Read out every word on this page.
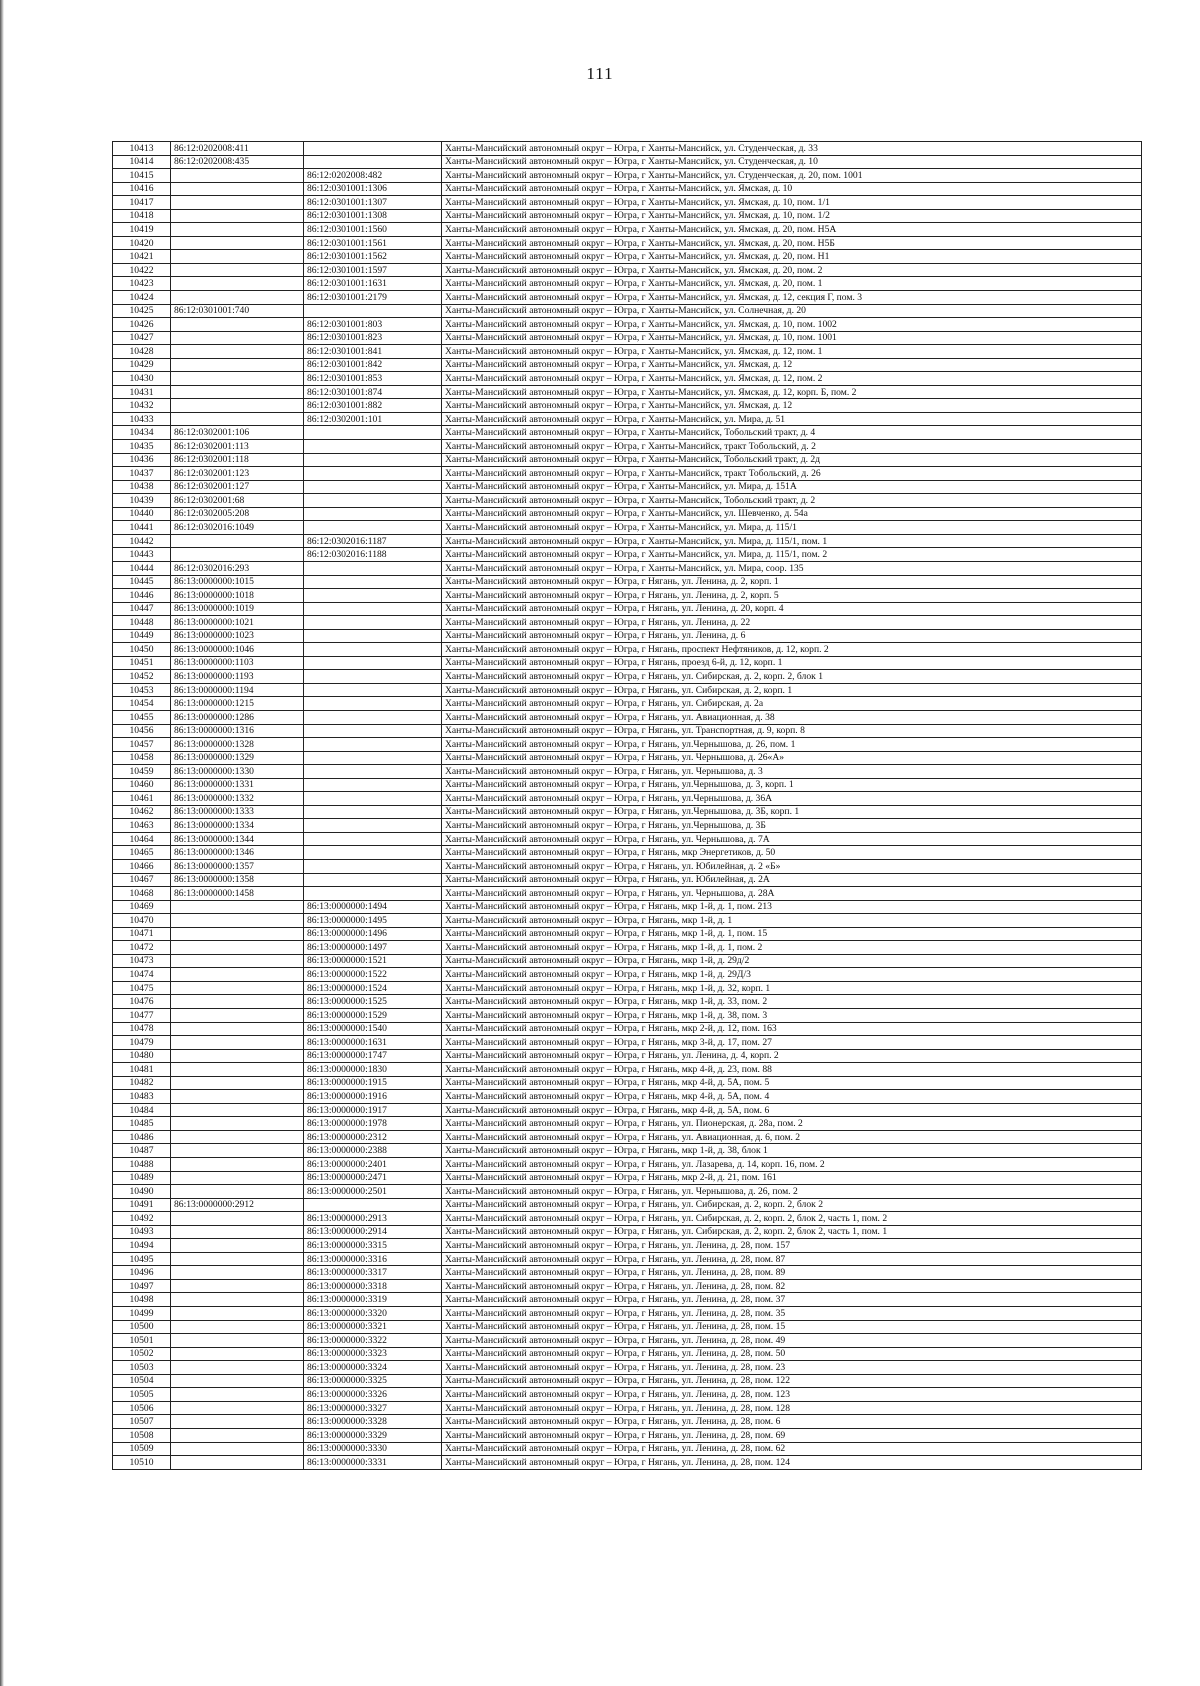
111
10413	86:12:0202008:411		Ханты-Мансийский автономный округ – Югра, г Ханты-Мансийск, ул. Студенческая, д. 33
10414	86:12:0202008:435		Ханты-Мансийский автономный округ – Югра, г Ханты-Мансийск, ул. Студенческая, д. 10
10415		86:12:0202008:482	Ханты-Мансийский автономный округ – Югра, г Ханты-Мансийск, ул. Студенческая, д. 20, пом. 1001
10416		86:12:0301001:1306	Ханты-Мансийский автономный округ – Югра, г Ханты-Мансийск, ул. Ямская, д. 10
10417		86:12:0301001:1307	Ханты-Мансийский автономный округ – Югра, г Ханты-Мансийск, ул. Ямская, д. 10, пом. 1/1
10418		86:12:0301001:1308	Ханты-Мансийский автономный округ – Югра, г Ханты-Мансийск, ул. Ямская, д. 10, пом. 1/2
10419		86:12:0301001:1560	Ханты-Мансийский автономный округ – Югра, г Ханты-Мансийск, ул. Ямская, д. 20, пом. Н5А
10420		86:12:0301001:1561	Ханты-Мансийский автономный округ – Югра, г Ханты-Мансийск, ул. Ямская, д. 20, пом. Н5Б
10421		86:12:0301001:1562	Ханты-Мансийский автономный округ – Югра, г Ханты-Мансийск, ул. Ямская, д. 20, пом. Н1
10422		86:12:0301001:1597	Ханты-Мансийский автономный округ – Югра, г Ханты-Мансийск, ул. Ямская, д. 20, пом. 2
10423		86:12:0301001:1631	Ханты-Мансийский автономный округ – Югра, г Ханты-Мансийск, ул. Ямская, д. 20, пом. 1
10424		86:12:0301001:2179	Ханты-Мансийский автономный округ – Югра, г Ханты-Мансийск, ул. Ямская, д. 12, секция Г, пом. 3
10425	86:12:0301001:740		Ханты-Мансийский автономный округ – Югра, г Ханты-Мансийск, ул. Солнечная, д. 20
10426		86:12:0301001:803	Ханты-Мансийский автономный округ – Югра, г Ханты-Мансийск, ул. Ямская, д. 10, пом. 1002
10427		86:12:0301001:823	Ханты-Мансийский автономный округ – Югра, г Ханты-Мансийск, ул. Ямская, д. 10, пом. 1001
10428		86:12:0301001:841	Ханты-Мансийский автономный округ – Югра, г Ханты-Мансийск, ул. Ямская, д. 12, пом. 1
10429		86:12:0301001:842	Ханты-Мансийский автономный округ – Югра, г Ханты-Мансийск, ул. Ямская, д. 12
10430		86:12:0301001:853	Ханты-Мансийский автономный округ – Югра, г Ханты-Мансийск, ул. Ямская, д. 12, пом. 2
10431		86:12:0301001:874	Ханты-Мансийский автономный округ – Югра, г Ханты-Мансийск, ул. Ямская, д. 12, корп. Б, пом. 2
10432		86:12:0301001:882	Ханты-Мансийский автономный округ – Югра, г Ханты-Мансийск, ул. Ямская, д. 12
10433		86:12:0302001:101	Ханты-Мансийский автономный округ – Югра, г Ханты-Мансийск, ул. Мира, д. 51
10434	86:12:0302001:106		Ханты-Мансийский автономный округ – Югра, г Ханты-Мансийск, Тобольский тракт, д. 4
10435	86:12:0302001:113		Ханты-Мансийский автономный округ – Югра, г Ханты-Мансийск, тракт Тобольский, д. 2
10436	86:12:0302001:118		Ханты-Мансийский автономный округ – Югра, г Ханты-Мансийск, Тобольский тракт, д. 2д
10437	86:12:0302001:123		Ханты-Мансийский автономный округ – Югра, г Ханты-Мансийск, тракт Тобольский, д. 26
10438	86:12:0302001:127		Ханты-Мансийский автономный округ – Югра, г Ханты-Мансийск, ул. Мира, д. 151А
10439	86:12:0302001:68		Ханты-Мансийский автономный округ – Югра, г Ханты-Мансийск, Тобольский тракт, д. 2
10440	86:12:0302005:208		Ханты-Мансийский автономный округ – Югра, г Ханты-Мансийск, ул. Шевченко, д. 54а
10441	86:12:0302016:1049		Ханты-Мансийский автономный округ – Югра, г Ханты-Мансийск, ул. Мира, д. 115/1
10442		86:12:0302016:1187	Ханты-Мансийский автономный округ – Югра, г Ханты-Мансийск, ул. Мира, д. 115/1, пом. 1
10443		86:12:0302016:1188	Ханты-Мансийский автономный округ – Югра, г Ханты-Мансийск, ул. Мира, д. 115/1, пом. 2
10444	86:12:0302016:293		Ханты-Мансийский автономный округ – Югра, г Ханты-Мансийск, ул. Мира, соор. 135
10445	86:13:0000000:1015		Ханты-Мансийский автономный округ – Югра, г Нягань, ул. Ленина, д. 2, корп. 1
10446	86:13:0000000:1018		Ханты-Мансийский автономный округ – Югра, г Нягань, ул. Ленина, д. 2, корп. 5
10447	86:13:0000000:1019		Ханты-Мансийский автономный округ – Югра, г Нягань, ул. Ленина, д. 20, корп. 4
10448	86:13:0000000:1021		Ханты-Мансийский автономный округ – Югра, г Нягань, ул. Ленина, д. 22
10449	86:13:0000000:1023		Ханты-Мансийский автономный округ – Югра, г Нягань, ул. Ленина, д. 6
10450	86:13:0000000:1046		Ханты-Мансийский автономный округ – Югра, г Нягань, проспект Нефтяников, д. 12, корп. 2
10451	86:13:0000000:1103		Ханты-Мансийский автономный округ – Югра, г Нягань, проезд 6-й, д. 12, корп. 1
10452	86:13:0000000:1193		Ханты-Мансийский автономный округ – Югра, г Нягань, ул. Сибирская, д. 2, корп. 2, блок 1
10453	86:13:0000000:1194		Ханты-Мансийский автономный округ – Югра, г Нягань, ул. Сибирская, д. 2, корп. 1
10454	86:13:0000000:1215		Ханты-Мансийский автономный округ – Югра, г Нягань, ул. Сибирская, д. 2а
10455	86:13:0000000:1286		Ханты-Мансийский автономный округ – Югра, г Нягань, ул. Авиационная, д. 38
10456	86:13:0000000:1316		Ханты-Мансийский автономный округ – Югра, г Нягань, ул. Транспортная, д. 9, корп. 8
10457	86:13:0000000:1328		Ханты-Мансийский автономный округ – Югра, г Нягань, ул.Чернышова, д. 26, пом. 1
10458	86:13:0000000:1329		Ханты-Мансийский автономный округ – Югра, г Нягань, ул. Чернышова, д. 26«А»
10459	86:13:0000000:1330		Ханты-Мансийский автономный округ – Югра, г Нягань, ул. Чернышова, д. 3
10460	86:13:0000000:1331		Ханты-Мансийский автономный округ – Югра, г Нягань, ул.Чернышова, д. 3, корп. 1
10461	86:13:0000000:1332		Ханты-Мансийский автономный округ – Югра, г Нягань, ул.Чернышова, д. 36А
10462	86:13:0000000:1333		Ханты-Мансийский автономный округ – Югра, г Нягань, ул.Чернышова, д. 3Б, корп. 1
10463	86:13:0000000:1334		Ханты-Мансийский автономный округ – Югра, г Нягань, ул.Чернышова, д. 3Б
10464	86:13:0000000:1344		Ханты-Мансийский автономный округ – Югра, г Нягань, ул. Чернышова, д. 7А
10465	86:13:0000000:1346		Ханты-Мансийский автономный округ – Югра, г Нягань, мкр Энергетиков, д. 50
10466	86:13:0000000:1357		Ханты-Мансийский автономный округ – Югра, г Нягань, ул. Юбилейная, д. 2 «Б»
10467	86:13:0000000:1358		Ханты-Мансийский автономный округ – Югра, г Нягань, ул. Юбилейная, д. 2А
10468	86:13:0000000:1458		Ханты-Мансийский автономный округ – Югра, г Нягань, ул. Чернышова, д. 28А
10469		86:13:0000000:1494	Ханты-Мансийский автономный округ – Югра, г Нягань, мкр 1-й, д. 1, пом. 213
10470		86:13:0000000:1495	Ханты-Мансийский автономный округ – Югра, г Нягань, мкр 1-й, д. 1
10471		86:13:0000000:1496	Ханты-Мансийский автономный округ – Югра, г Нягань, мкр 1-й, д. 1, пом. 15
10472		86:13:0000000:1497	Ханты-Мансийский автономный округ – Югра, г Нягань, мкр 1-й, д. 1, пом. 2
10473		86:13:0000000:1521	Ханты-Мансийский автономный округ – Югра, г Нягань, мкр 1-й, д. 29д/2
10474		86:13:0000000:1522	Ханты-Мансийский автономный округ – Югра, г Нягань, мкр 1-й, д. 29Д/3
10475		86:13:0000000:1524	Ханты-Мансийский автономный округ – Югра, г Нягань, мкр 1-й, д. 32, корп. 1
10476		86:13:0000000:1525	Ханты-Мансийский автономный округ – Югра, г Нягань, мкр 1-й, д. 33, пом. 2
10477		86:13:0000000:1529	Ханты-Мансийский автономный округ – Югра, г Нягань, мкр 1-й, д. 38, пом. 3
10478		86:13:0000000:1540	Ханты-Мансийский автономный округ – Югра, г Нягань, мкр 2-й, д. 12, пом. 163
10479		86:13:0000000:1631	Ханты-Мансийский автономный округ – Югра, г Нягань, мкр 3-й, д. 17, пом. 27
10480		86:13:0000000:1747	Ханты-Мансийский автономный округ – Югра, г Нягань, ул. Ленина, д. 4, корп. 2
10481		86:13:0000000:1830	Ханты-Мансийский автономный округ – Югра, г Нягань, мкр 4-й, д. 23, пом. 88
10482		86:13:0000000:1915	Ханты-Мансийский автономный округ – Югра, г Нягань, мкр 4-й, д. 5А, пом. 5
10483		86:13:0000000:1916	Ханты-Мансийский автономный округ – Югра, г Нягань, мкр 4-й, д. 5А, пом. 4
10484		86:13:0000000:1917	Ханты-Мансийский автономный округ – Югра, г Нягань, мкр 4-й, д. 5А, пом. 6
10485		86:13:0000000:1978	Ханты-Мансийский автономный округ – Югра, г Нягань, ул. Пионерская, д. 28а, пом. 2
10486		86:13:0000000:2312	Ханты-Мансийский автономный округ – Югра, г Нягань, ул. Авиационная, д. 6, пом. 2
10487		86:13:0000000:2388	Ханты-Мансийский автономный округ – Югра, г Нягань, мкр 1-й, д. 38, блок 1
10488		86:13:0000000:2401	Ханты-Мансийский автономный округ – Югра, г Нягань, ул. Лазарева, д. 14, корп. 16, пом. 2
10489		86:13:0000000:2471	Ханты-Мансийский автономный округ – Югра, г Нягань, мкр 2-й, д. 21, пом. 161
10490		86:13:0000000:2501	Ханты-Мансийский автономный округ – Югра, г Нягань, ул. Чернышова, д. 26, пом. 2
10491	86:13:0000000:2912		Ханты-Мансийский автономный округ – Югра, г Нягань, ул. Сибирская, д. 2, корп. 2, блок 2
10492		86:13:0000000:2913	Ханты-Мансийский автономный округ – Югра, г Нягань, ул. Сибирская, д. 2, корп. 2, блок 2, часть 1, пом. 2
10493		86:13:0000000:2914	Ханты-Мансийский автономный округ – Югра, г Нягань, ул. Сибирская, д. 2, корп. 2, блок 2, часть 1, пом. 1
10494		86:13:0000000:3315	Ханты-Мансийский автономный округ – Югра, г Нягань, ул. Ленина, д. 28, пом. 157
10495		86:13:0000000:3316	Ханты-Мансийский автономный округ – Югра, г Нягань, ул. Ленина, д. 28, пом. 87
10496		86:13:0000000:3317	Ханты-Мансийский автономный округ – Югра, г Нягань, ул. Ленина, д. 28, пом. 89
10497		86:13:0000000:3318	Ханты-Мансийский автономный округ – Югра, г Нягань, ул. Ленина, д. 28, пом. 82
10498		86:13:0000000:3319	Ханты-Мансийский автономный округ – Югра, г Нягань, ул. Ленина, д. 28, пом. 37
10499		86:13:0000000:3320	Ханты-Мансийский автономный округ – Югра, г Нягань, ул. Ленина, д. 28, пом. 35
10500		86:13:0000000:3321	Ханты-Мансийский автономный округ – Югра, г Нягань, ул. Ленина, д. 28, пом. 15
10501		86:13:0000000:3322	Ханты-Мансийский автономный округ – Югра, г Нягань, ул. Ленина, д. 28, пом. 49
10502		86:13:0000000:3323	Ханты-Мансийский автономный округ – Югра, г Нягань, ул. Ленина, д. 28, пом. 50
10503		86:13:0000000:3324	Ханты-Мансийский автономный округ – Югра, г Нягань, ул. Ленина, д. 28, пом. 23
10504		86:13:0000000:3325	Ханты-Мансийский автономный округ – Югра, г Нягань, ул. Ленина, д. 28, пом. 122
10505		86:13:0000000:3326	Ханты-Мансийский автономный округ – Югра, г Нягань, ул. Ленина, д. 28, пом. 123
10506		86:13:0000000:3327	Ханты-Мансийский автономный округ – Югра, г Нягань, ул. Ленина, д. 28, пом. 128
10507		86:13:0000000:3328	Ханты-Мансийский автономный округ – Югра, г Нягань, ул. Ленина, д. 28, пом. 6
10508		86:13:0000000:3329	Ханты-Мансийский автономный округ – Югра, г Нягань, ул. Ленина, д. 28, пом. 69
10509		86:13:0000000:3330	Ханты-Мансийский автономный округ – Югра, г Нягань, ул. Ленина, д. 28, пом. 62
10510		86:13:0000000:3331	Ханты-Мансийский автономный округ – Югра, г Нягань, ул. Ленина, д. 28, пом. 124
